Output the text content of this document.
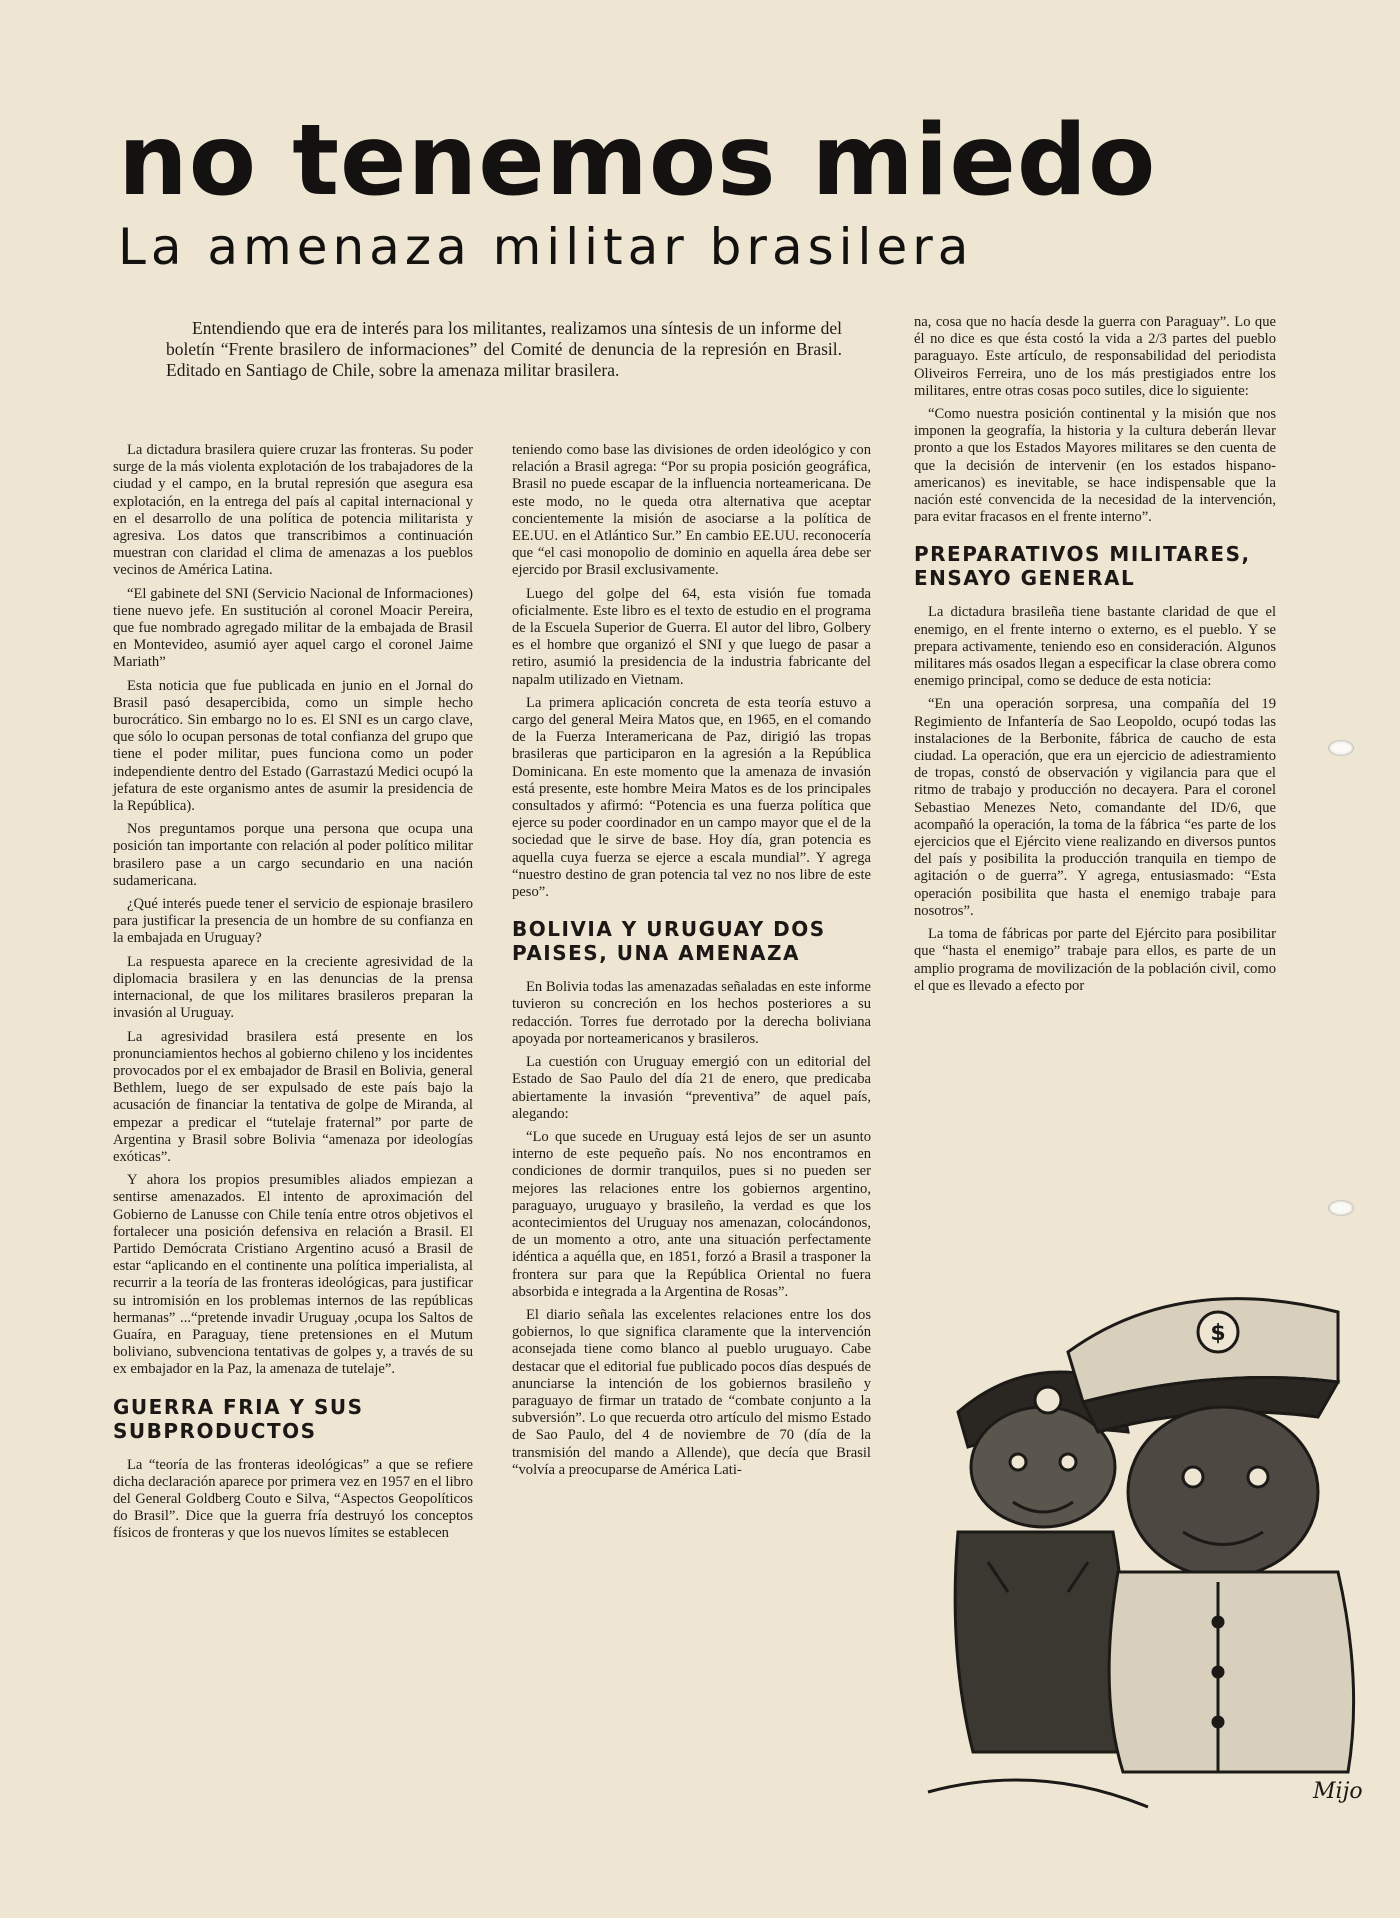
no tenemos miedo
La amenaza militar brasilera

Entendiendo que era de interés para los militantes, realizamos una síntesis de un informe del boletín “Frente brasilero de informaciones” del Comité de denuncia de la represión en Brasil. Editado en Santiago de Chile, sobre la amenaza militar brasilera.

La dictadura brasilera quiere cruzar las fronteras. Su poder surge de la más violenta explotación de los trabajadores de la ciudad y el campo, en la brutal represión que asegura esa explotación, en la entrega del país al capital internacional y en el desarrollo de una política de potencia militarista y agresiva. Los datos que transcribimos a continuación muestran con claridad el clima de amenazas a los pueblos vecinos de América Latina.

“El gabinete del SNI (Servicio Nacional de Informaciones) tiene nuevo jefe. En sustitución al coronel Moacir Pereira, que fue nombrado agregado militar de la embajada de Brasil en Montevideo, asumió ayer aquel cargo el coronel Jaime Mariath”

Esta noticia que fue publicada en junio en el Jornal do Brasil pasó desapercibida, como un simple hecho burocrático. Sin embargo no lo es. El SNI es un cargo clave, que sólo lo ocupan personas de total confianza del grupo que tiene el poder militar, pues funciona como un poder independiente dentro del Estado (Garrastazú Medici ocupó la jefatura de este organismo antes de asumir la presidencia de la República).

Nos preguntamos porque una persona que ocupa una posición tan importante con relación al poder político militar brasilero pase a un cargo secundario en una nación sudamericana.

¿Qué interés puede tener el servicio de espionaje brasilero para justificar la presencia de un hombre de su confianza en la embajada en Uruguay?

La respuesta aparece en la creciente agresividad de la diplomacia brasilera y en las denuncias de la prensa internacional, de que los militares brasileros preparan la invasión al Uruguay.

La agresividad brasilera está presente en los pronunciamientos hechos al gobierno chileno y los incidentes provocados por el ex embajador de Brasil en Bolivia, general Bethlem, luego de ser expulsado de este país bajo la acusación de financiar la tentativa de golpe de Miranda, al empezar a predicar el “tutelaje fraternal” por parte de Argentina y Brasil sobre Bolivia “amenaza por ideologías exóticas”.

Y ahora los propios presumibles aliados empiezan a sentirse amenazados. El intento de aproximación del Gobierno de Lanusse con Chile tenía entre otros objetivos el fortalecer una posición defensiva en relación a Brasil. El Partido Demócrata Cristiano Argentino acusó a Brasil de estar “aplicando en el continente una política imperialista, al recurrir a la teoría de las fronteras ideológicas, para justificar su intromisión en los problemas internos de las repúblicas hermanas” ...“pretende invadir Uruguay ,ocupa los Saltos de Guaíra, en Paraguay, tiene pretensiones en el Mutum boliviano, subvenciona tentativas de golpes y, a través de su ex embajador en la Paz, la amenaza de tutelaje”.

GUERRA FRIA Y SUS SUBPRODUCTOS

La “teoría de las fronteras ideológicas” a que se refiere dicha declaración aparece por primera vez en 1957 en el libro del General Goldberg Couto e Silva, “Aspectos Geopolíticos do Brasil”. Dice que la guerra fría destruyó los conceptos físicos de fronteras y que los nuevos límites se establecen

teniendo como base las divisiones de orden ideológico y con relación a Brasil agrega: “Por su propia posición geográfica, Brasil no puede escapar de la influencia norteamericana. De este modo, no le queda otra alternativa que aceptar concientemente la misión de asociarse a la política de EE.UU. en el Atlántico Sur.” En cambio EE.UU. reconocería que “el casi monopolio de dominio en aquella área debe ser ejercido por Brasil exclusivamente.

Luego del golpe del 64, esta visión fue tomada oficialmente. Este libro es el texto de estudio en el programa de la Escuela Superior de Guerra. El autor del libro, Golbery es el hombre que organizó el SNI y que luego de pasar a retiro, asumió la presidencia de la industria fabricante del napalm utilizado en Vietnam.

La primera aplicación concreta de esta teoría estuvo a cargo del general Meira Matos que, en 1965, en el comando de la Fuerza Interamericana de Paz, dirigió las tropas brasileras que participaron en la agresión a la República Dominicana. En este momento que la amenaza de invasión está presente, este hombre Meira Matos es de los principales consultados y afirmó: “Potencia es una fuerza política que ejerce su poder coordinador en un campo mayor que el de la sociedad que le sirve de base. Hoy día, gran potencia es aquella cuya fuerza se ejerce a escala mundial”. Y agrega “nuestro destino de gran potencia tal vez no nos libre de este peso”.

BOLIVIA Y URUGUAY DOS PAISES, UNA AMENAZA

En Bolivia todas las amenazadas señaladas en este informe tuvieron su concreción en los hechos posteriores a su redacción. Torres fue derrotado por la derecha boliviana apoyada por norteamericanos y brasileros.

La cuestión con Uruguay emergió con un editorial del Estado de Sao Paulo del día 21 de enero, que predicaba abiertamente la invasión “preventiva” de aquel país, alegando:

“Lo que sucede en Uruguay está lejos de ser un asunto interno de este pequeño país. No nos encontramos en condiciones de dormir tranquilos, pues si no pueden ser mejores las relaciones entre los gobiernos argentino, paraguayo, uruguayo y brasileño, la verdad es que los acontecimientos del Uruguay nos amenazan, colocándonos, de un momento a otro, ante una situación perfectamente idéntica a aquélla que, en 1851, forzó a Brasil a trasponer la frontera sur para que la República Oriental no fuera absorbida e integrada a la Argentina de Rosas”.

El diario señala las excelentes relaciones entre los dos gobiernos, lo que significa claramente que la intervención aconsejada tiene como blanco al pueblo uruguayo. Cabe destacar que el editorial fue publicado pocos días después de anunciarse la intención de los gobiernos brasileño y paraguayo de firmar un tratado de “combate conjunto a la subversión”. Lo que recuerda otro artículo del mismo Estado de Sao Paulo, del 4 de noviembre de 70 (día de la transmisión del mando a Allende), que decía que Brasil “volvía a preocuparse de América Lati-

na, cosa que no hacía desde la guerra con Paraguay”. Lo que él no dice es que ésta costó la vida a 2/3 partes del pueblo paraguayo. Este artículo, de responsabilidad del periodista Oliveiros Ferreira, uno de los más prestigiados entre los militares, entre otras cosas poco sutiles, dice lo siguiente:

“Como nuestra posición continental y la misión que nos imponen la geografía, la historia y la cultura deberán llevar pronto a que los Estados Mayores militares se den cuenta de que la decisión de intervenir (en los estados hispano-americanos) es inevitable, se hace indispensable que la nación esté convencida de la necesidad de la intervención, para evitar fracasos en el frente interno”.

PREPARATIVOS MILITARES, ENSAYO GENERAL

La dictadura brasileña tiene bastante claridad de que el enemigo, en el frente interno o externo, es el pueblo. Y se prepara activamente, teniendo eso en consideración. Algunos militares más osados llegan a especificar la clase obrera como enemigo principal, como se deduce de esta noticia:

“En una operación sorpresa, una compañía del 19 Regimiento de Infantería de Sao Leopoldo, ocupó todas las instalaciones de la Berbonite, fábrica de caucho de esta ciudad. La operación, que era un ejercicio de adiestramiento de tropas, constó de observación y vigilancia para que el ritmo de trabajo y producción no decayera. Para el coronel Sebastiao Menezes Neto, comandante del ID/6, que acompañó la operación, la toma de la fábrica “es parte de los ejercicios que el Ejército viene realizando en diversos puntos del país y posibilita la producción tranquila en tiempo de agitación o de guerra”. Y agrega, entusiasmado: “Esta operación posibilita que hasta el enemigo trabaje para nosotros”.

La toma de fábricas por parte del Ejército para posibilitar que “hasta el enemigo” trabaje para ellos, es parte de un amplio programa de movilización de la población civil, como el que es llevado a efecto por

$
Mijo
